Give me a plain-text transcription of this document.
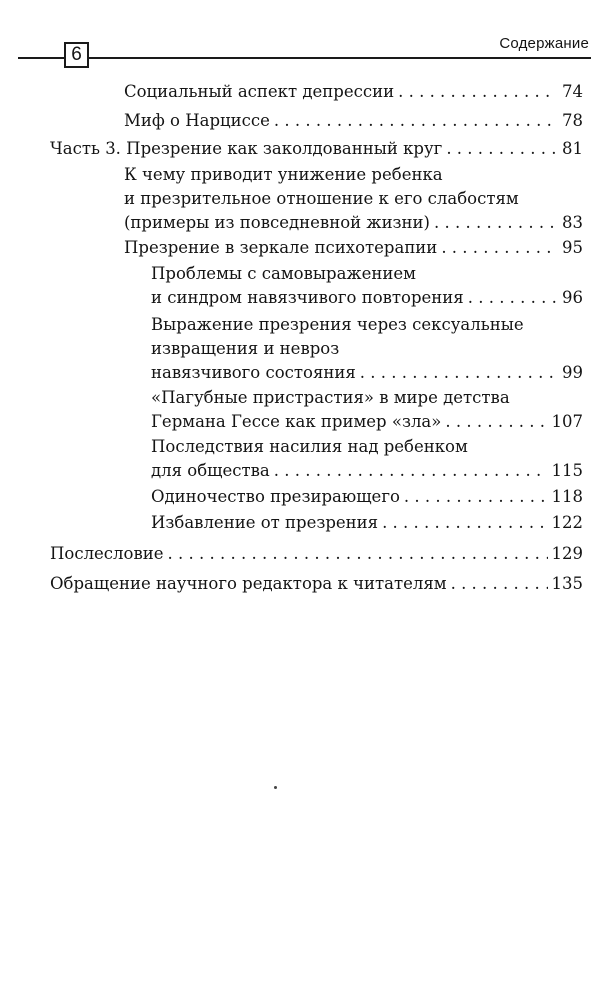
6
Содержание
Социальный аспект депрессии . . .	74
Миф о Нарциссе . . .	78
Часть 3. Презрение как заколдованный круг . . .	81
К чему приводит унижение ребенка
и презрительное отношение к его слабостям
(примеры из повседневной жизни) . . .	83
Презрение в зеркале психотерапии . . .	95
Проблемы с самовыражением
и синдром навязчивого повторения . . .	96
Выражение презрения через сексуальные
извращения и невроз
навязчивого состояния . . .	99
«Пагубные пристрастия» в мире детства
Германа Гессе как пример «зла» . . .	107
Последствия насилия над ребенком
для общества . . .	115
Одиночество презирающего . . .	118
Избавление от презрения . . .	122
Послесловие . . .	129
Обращение научного редактора к читателям . . .	135
